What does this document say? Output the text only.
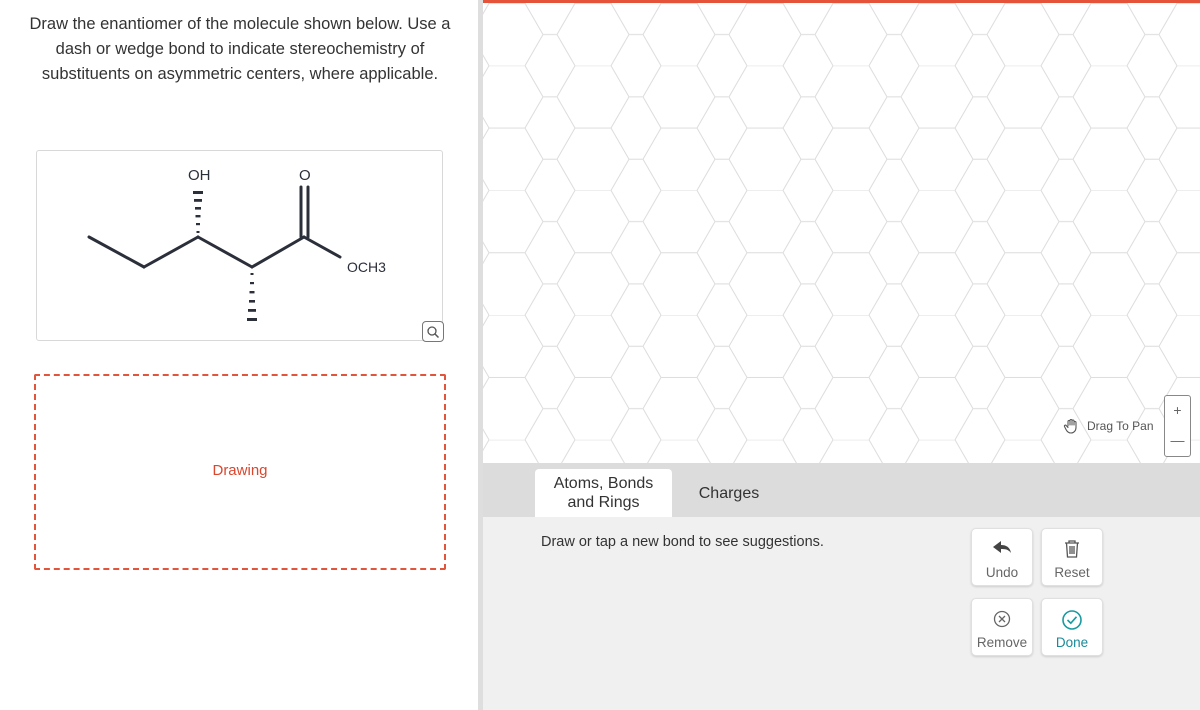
Draw the enantiomer of the molecule shown below. Use a dash or wedge bond to indicate stereochemistry of substituents on asymmetric centers, where applicable.
OH	O
OCH3
Drawing
Drag To Pan
+
—
Atoms, Bonds and Rings
Charges
Draw or tap a new bond to see suggestions.
Undo	Reset
Remove	Done
